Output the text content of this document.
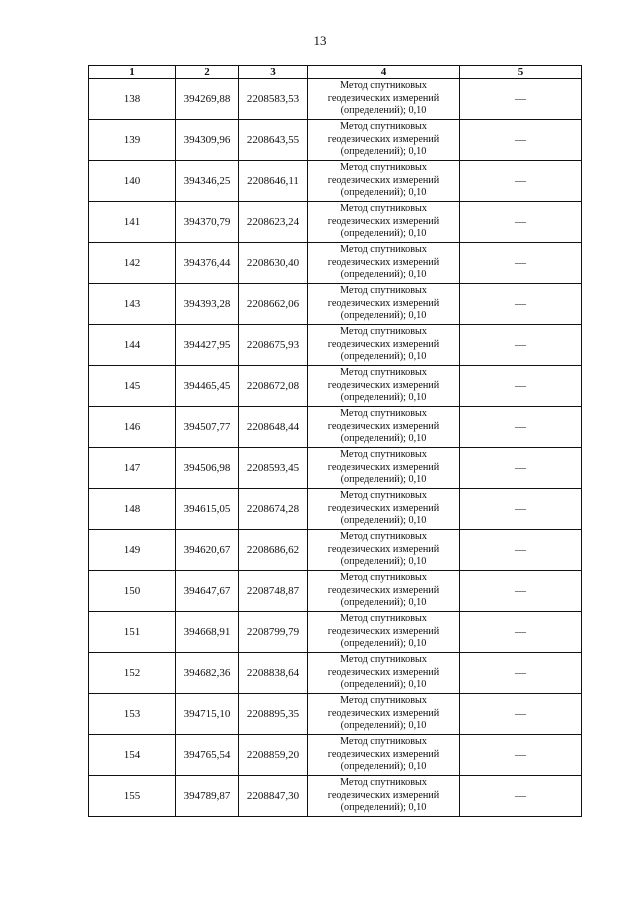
13
1	2	3	4	5
138	394269,88	2208583,53	Метод спутниковых
геодезических измерений
(определений); 0,10	—
139	394309,96	2208643,55	Метод спутниковых
геодезических измерений
(определений); 0,10	—
140	394346,25	2208646,11	Метод спутниковых
геодезических измерений
(определений); 0,10	—
141	394370,79	2208623,24	Метод спутниковых
геодезических измерений
(определений); 0,10	—
142	394376,44	2208630,40	Метод спутниковых
геодезических измерений
(определений); 0,10	—
143	394393,28	2208662,06	Метод спутниковых
геодезических измерений
(определений); 0,10	—
144	394427,95	2208675,93	Метод спутниковых
геодезических измерений
(определений); 0,10	—
145	394465,45	2208672,08	Метод спутниковых
геодезических измерений
(определений); 0,10	—
146	394507,77	2208648,44	Метод спутниковых
геодезических измерений
(определений); 0,10	—
147	394506,98	2208593,45	Метод спутниковых
геодезических измерений
(определений); 0,10	—
148	394615,05	2208674,28	Метод спутниковых
геодезических измерений
(определений); 0,10	—
149	394620,67	2208686,62	Метод спутниковых
геодезических измерений
(определений); 0,10	—
150	394647,67	2208748,87	Метод спутниковых
геодезических измерений
(определений); 0,10	—
151	394668,91	2208799,79	Метод спутниковых
геодезических измерений
(определений); 0,10	—
152	394682,36	2208838,64	Метод спутниковых
геодезических измерений
(определений); 0,10	—
153	394715,10	2208895,35	Метод спутниковых
геодезических измерений
(определений); 0,10	—
154	394765,54	2208859,20	Метод спутниковых
геодезических измерений
(определений); 0,10	—
155	394789,87	2208847,30	Метод спутниковых
геодезических измерений
(определений); 0,10	—
